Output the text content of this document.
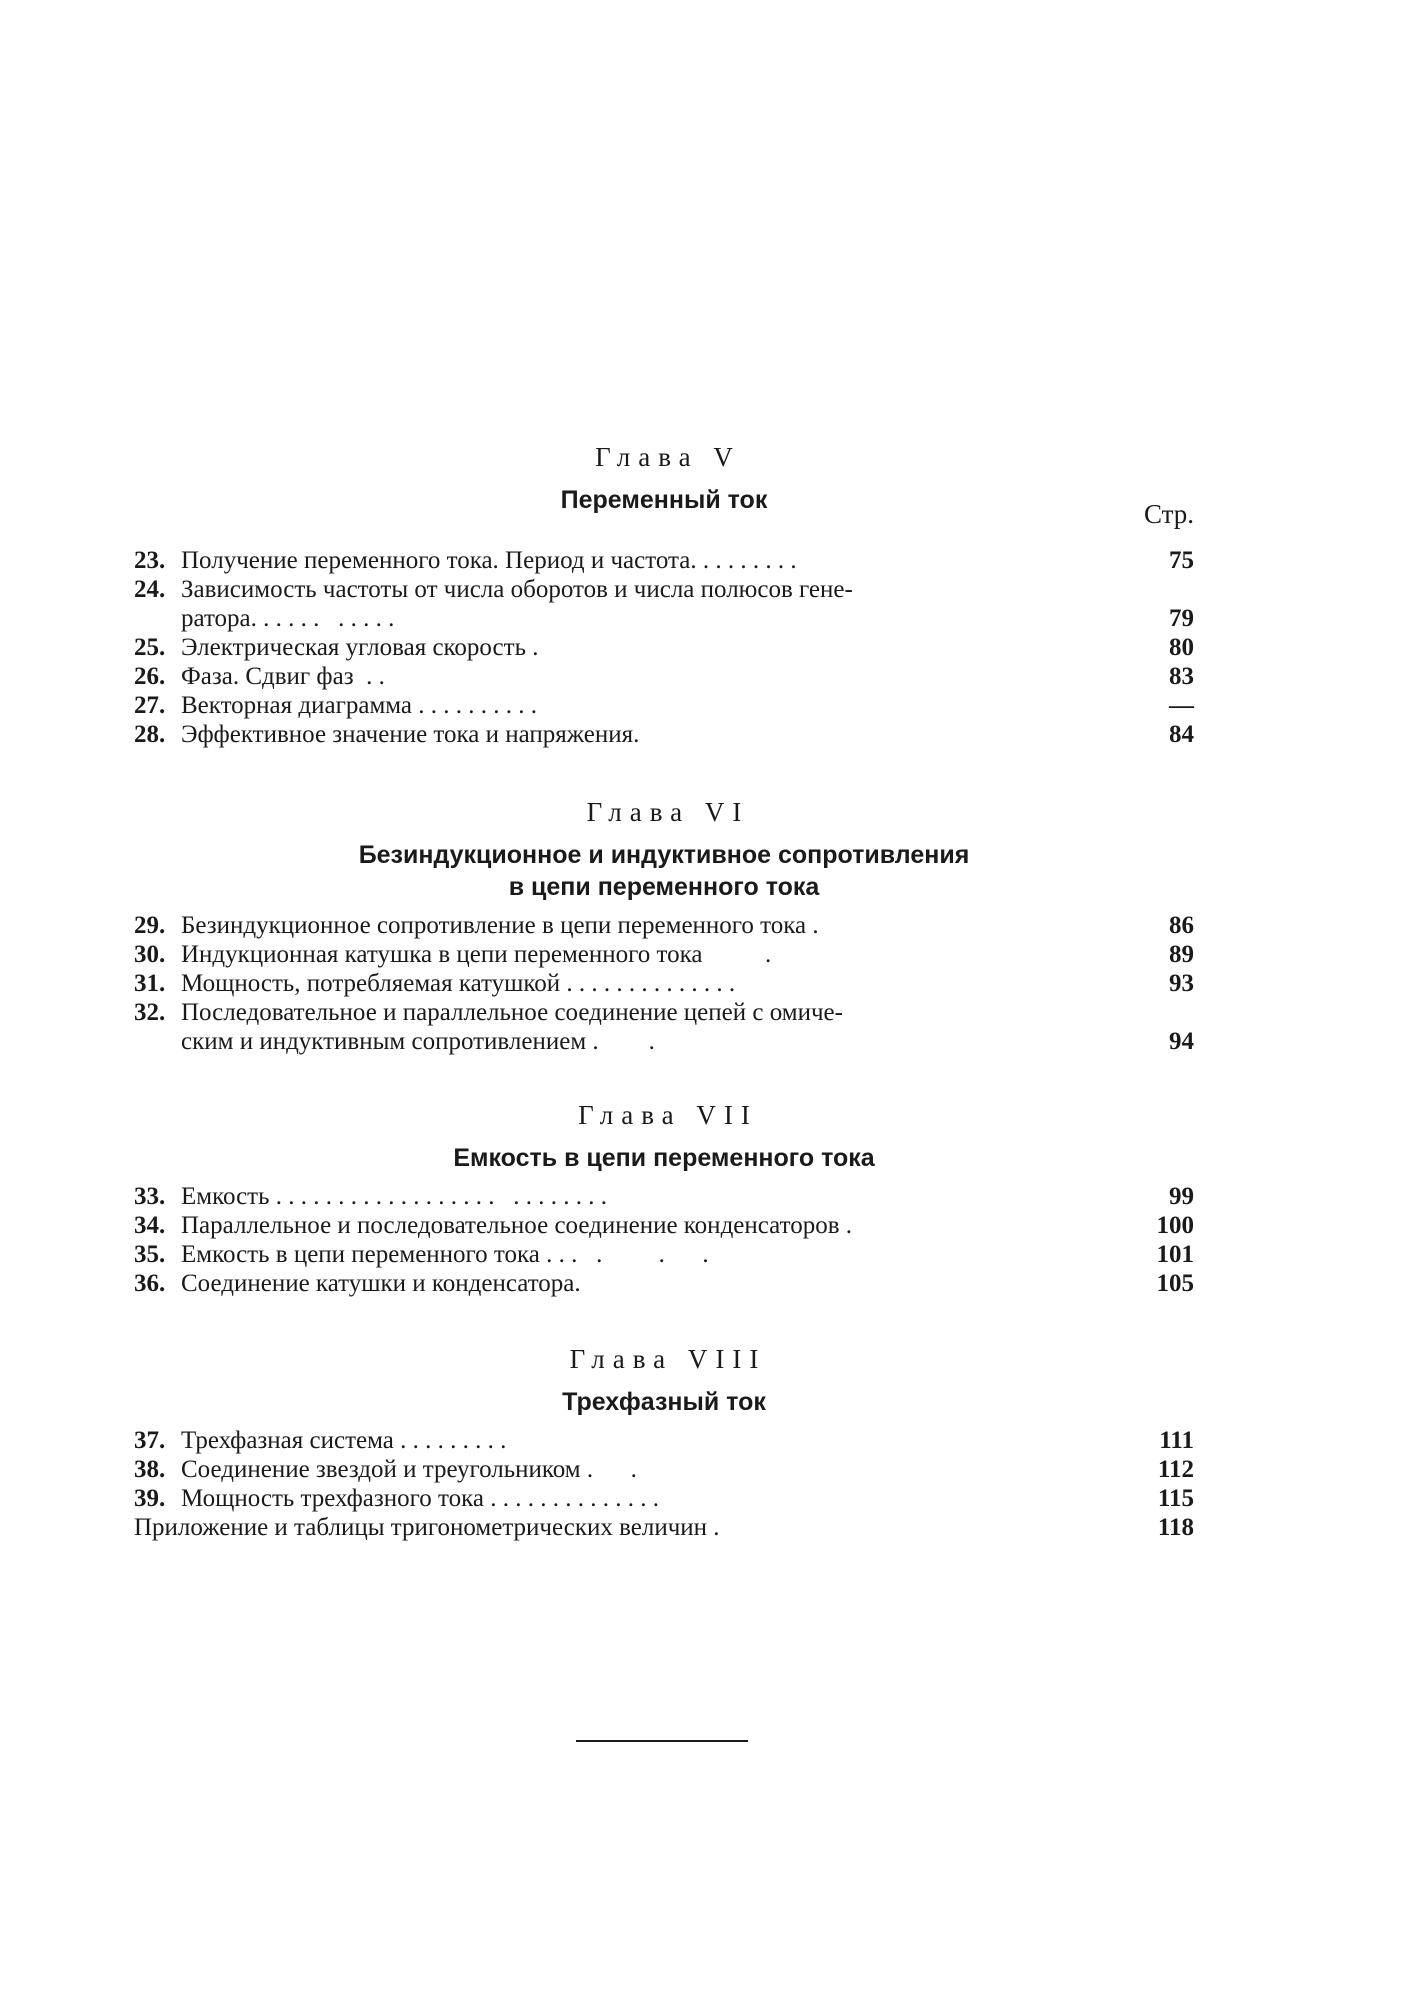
Глава V
Переменный ток	Стр.
23. Получение переменного тока. Период и частота. . . . . . . . .	75
24. Зависимость частоты от числа оборотов и числа полюсов гене-
ратора. . . . . .   . . . . .	79
25. Электрическая угловая скорость .	80
26. Фаза. Сдвиг фаз  . .	83
27. Векторная диаграмма . . . . . . . . . .	—
28. Эффективное значение тока и напряжения.	84
Глава VI
Безиндукционное и индуктивное сопротивления
в цепи переменного тока
29. Безиндукционное сопротивление в цепи переменного тока .	86
30. Индукционная катушка в цепи переменного тока          .	89
31. Мощность, потребляемая катушкой . . . . . . . . . . . . . .	93
32. Последовательное и параллельное соединение цепей с омиче-
ским и индуктивным сопротивлением .        .	94
Глава VII
Емкость в цепи переменного тока
33. Емкость . . . . . . . . . . . . . . . . . .   . . . . . . . .	99
34. Параллельное и последовательное соединение конденсаторов .	100
35. Емкость в цепи переменного тока . . .   .         .      .	101
36. Соединение катушки и конденсатора.	105
Глава VIII
Трехфазный ток
37. Трехфазная система . . . . . . . . .	111
38. Соединение звездой и треугольником .      .	112
39. Мощность трехфазного тока . . . . . . . . . . . . . .	115
Приложение и таблицы тригонометрических величин .	118
